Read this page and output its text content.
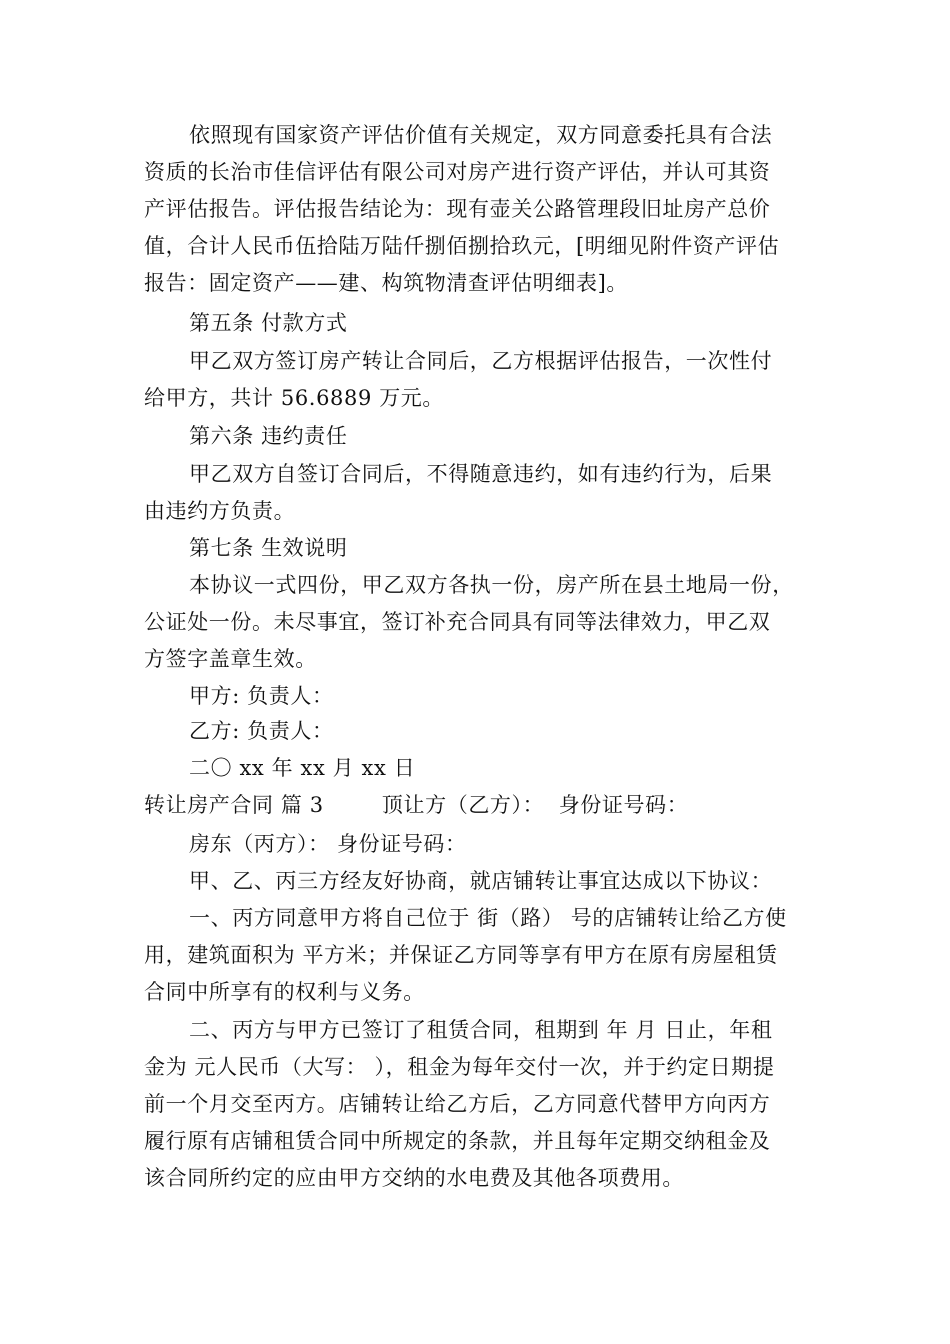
依照现有国家资产评估价值有关规定，双方同意委托具有合法
资质的长治市佳信评估有限公司对房产进行资产评估，并认可其资
产评估报告。评估报告结论为：现有壶关公路管理段旧址房产总价
值，合计人民币伍拾陆万陆仟捌佰捌拾玖元，[明细见附件资产评估
报告：固定资产——建、构筑物清查评估明细表]。
第五条 付款方式
甲乙双方签订房产转让合同后，乙方根据评估报告，一次性付
给甲方，共计 56.6889 万元。
第六条 违约责任
甲乙双方自签订合同后，不得随意违约，如有违约行为，后果
由违约方负责。
第七条 生效说明
本协议一式四份，甲乙双方各执一份，房产所在县土地局一份，
公证处一份。未尽事宜，签订补充合同具有同等法律效力，甲乙双
方签字盖章生效。
甲方: 负责人：
乙方: 负责人：
二〇 xx 年 xx 月 xx 日
转让房产合同 篇 3        顶让方（乙方）：  身份证号码：
房东（丙方）： 身份证号码：
甲、乙、丙三方经友好协商，就店铺转让事宜达成以下协议：
一、丙方同意甲方将自己位于 街（路） 号的店铺转让给乙方使
用，建筑面积为 平方米；并保证乙方同等享有甲方在原有房屋租赁
合同中所享有的权利与义务。
二、丙方与甲方已签订了租赁合同，租期到 年 月 日止，年租
金为 元人民币（大写： ），租金为每年交付一次，并于约定日期提
前一个月交至丙方。店铺转让给乙方后，乙方同意代替甲方向丙方
履行原有店铺租赁合同中所规定的条款，并且每年定期交纳租金及
该合同所约定的应由甲方交纳的水电费及其他各项费用。
